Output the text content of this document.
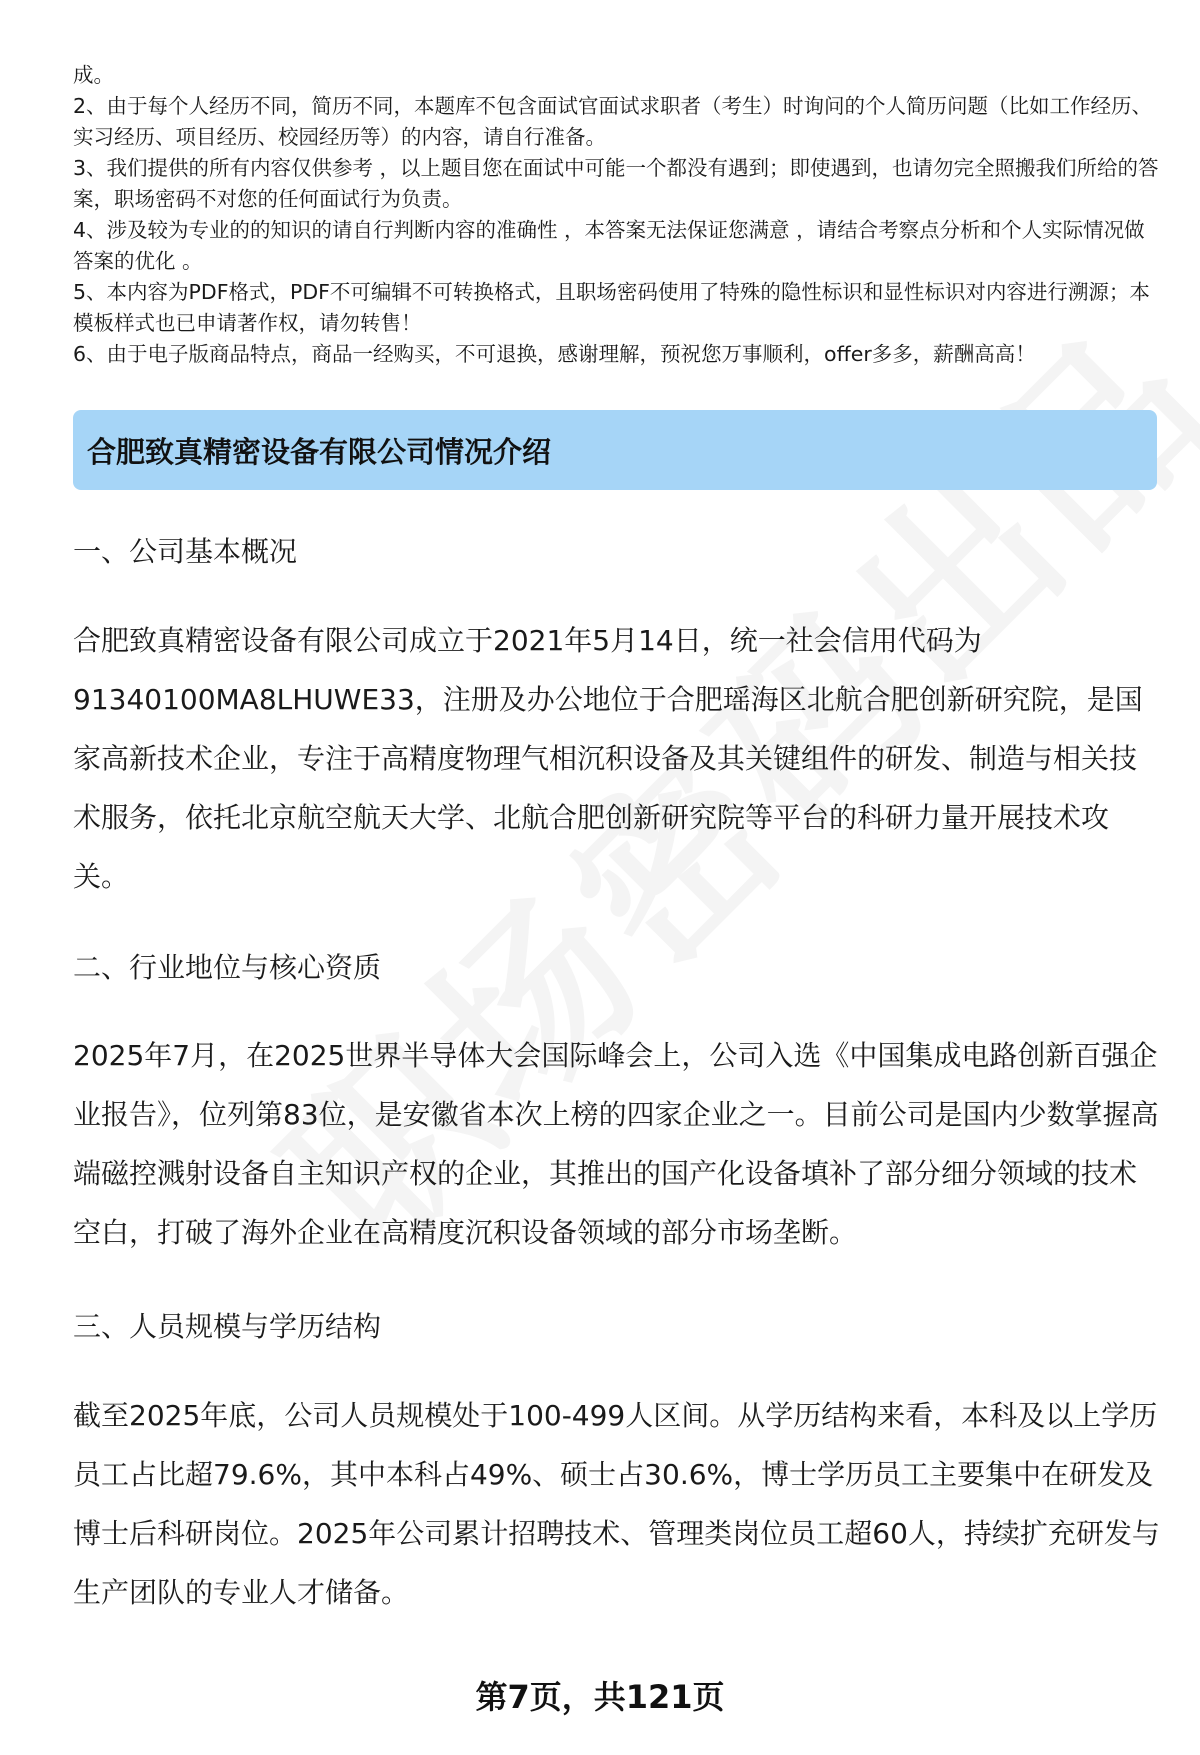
成。

2、由于每个人经历不同，简历不同，本题库不包含面试官面试求职者（考生）时询问的个人简历问题（比如工作经历、实习经历、项目经历、校园经历等）的内容，请自行准备。

3、我们提供的所有内容仅供参考 ，以上题目您在面试中可能一个都没有遇到；即使遇到，也请勿完全照搬我们所给的答案，职场密码不对您的任何面试行为负责。

4、涉及较为专业的的知识的请自行判断内容的准确性 ，本答案无法保证您满意 ，请结合考察点分析和个人实际情况做答案的优化 。

5、本内容为PDF格式，PDF不可编辑不可转换格式，且职场密码使用了特殊的隐性标识和显性标识对内容进行溯源；本模板样式也已申请著作权，请勿转售！

6、由于电子版商品特点，商品一经购买，不可退换，感谢理解，预祝您万事顺利，offer多多，薪酬高高！

合肥致真精密设备有限公司情况介绍
一、公司基本概况

合肥致真精密设备有限公司成立于2021年5月14日，统一社会信用代码为91340100MA8LHUWE33，注册及办公地位于合肥瑶海区北航合肥创新研究院，是国家高新技术企业，专注于高精度物理气相沉积设备及其关键组件的研发、制造与相关技术服务，依托北京航空航天大学、北航合肥创新研究院等平台的科研力量开展技术攻关。

二、行业地位与核心资质

2025年7月，在2025世界半导体大会国际峰会上，公司入选《中国集成电路创新百强企业报告》，位列第83位，是安徽省本次上榜的四家企业之一。目前公司是国内少数掌握高端磁控溅射设备自主知识产权的企业，其推出的国产化设备填补了部分细分领域的技术空白，打破了海外企业在高精度沉积设备领域的部分市场垄断。

三、人员规模与学历结构

截至2025年底，公司人员规模处于100-499人区间。从学历结构来看，本科及以上学历员工占比超79.6%，其中本科占49%、硕士占30.6%，博士学历员工主要集中在研发及博士后科研岗位。2025年公司累计招聘技术、管理类岗位员工超60人，持续扩充研发与生产团队的专业人才储备。

第7页，共121页
